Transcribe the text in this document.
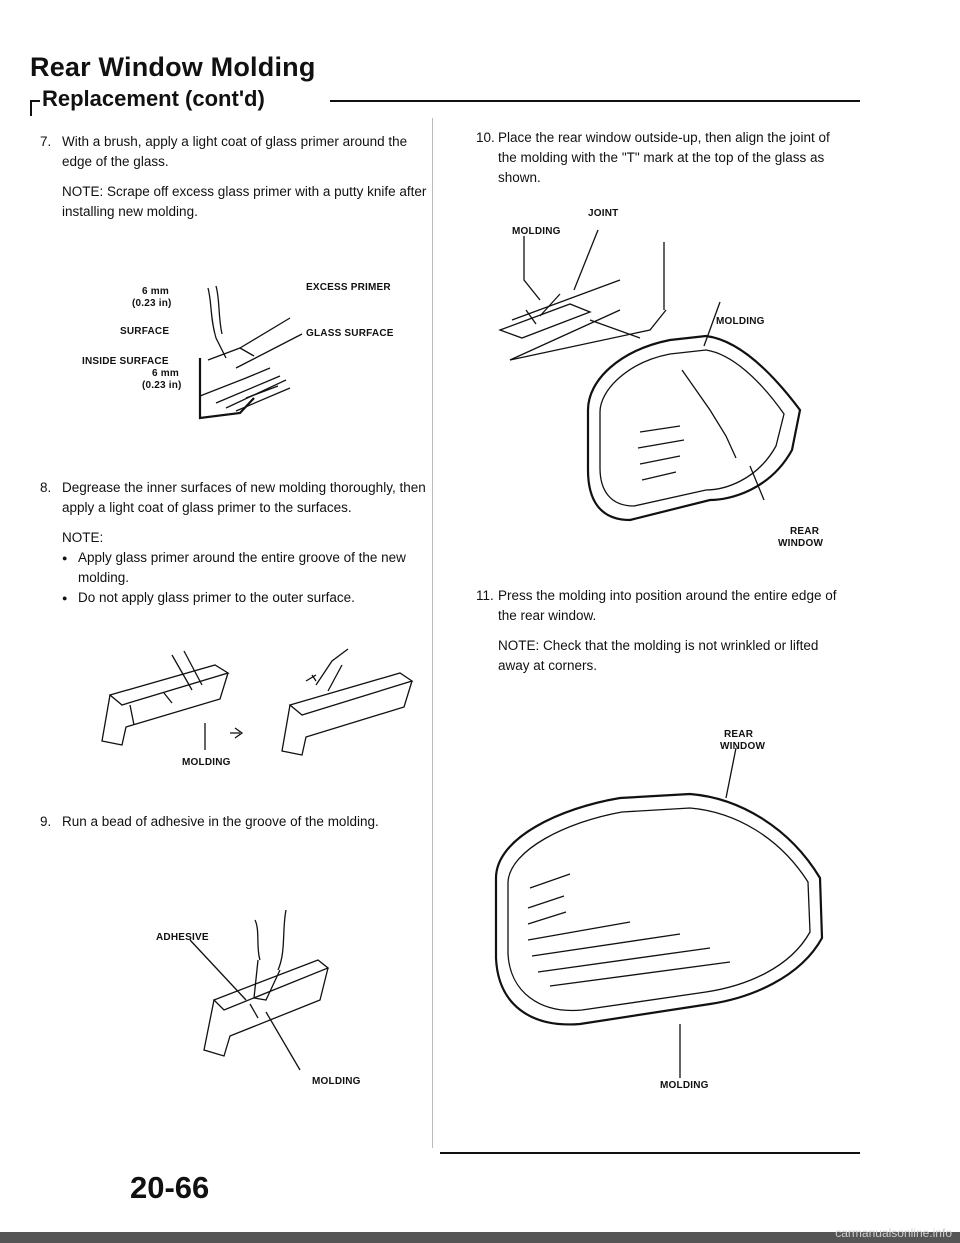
Rear Window Molding
Replacement (cont'd)
7. With a brush, apply a light coat of glass primer around the edge of the glass.
NOTE: Scrape off excess glass primer with a putty knife after installing new molding.
6 mm
(0.23 in)
SURFACE
INSIDE SURFACE
6 mm
(0.23 in)
EXCESS PRIMER
GLASS SURFACE
8. Degrease the inner surfaces of new molding thoroughly, then apply a light coat of glass primer to the surfaces.
NOTE:
● Apply glass primer around the entire groove of the new molding.
● Do not apply glass primer to the outer surface.
MOLDING
9. Run a bead of adhesive in the groove of the molding.
ADHESIVE
MOLDING
10. Place the rear window outside-up, then align the joint of the molding with the "T" mark at the top of the glass as shown.
MOLDING
JOINT
MOLDING
REAR
WINDOW
11. Press the molding into position around the entire edge of the rear window.
NOTE: Check that the molding is not wrinkled or lifted away at corners.
REAR
WINDOW
MOLDING
20-66
carmanualsonline.info
